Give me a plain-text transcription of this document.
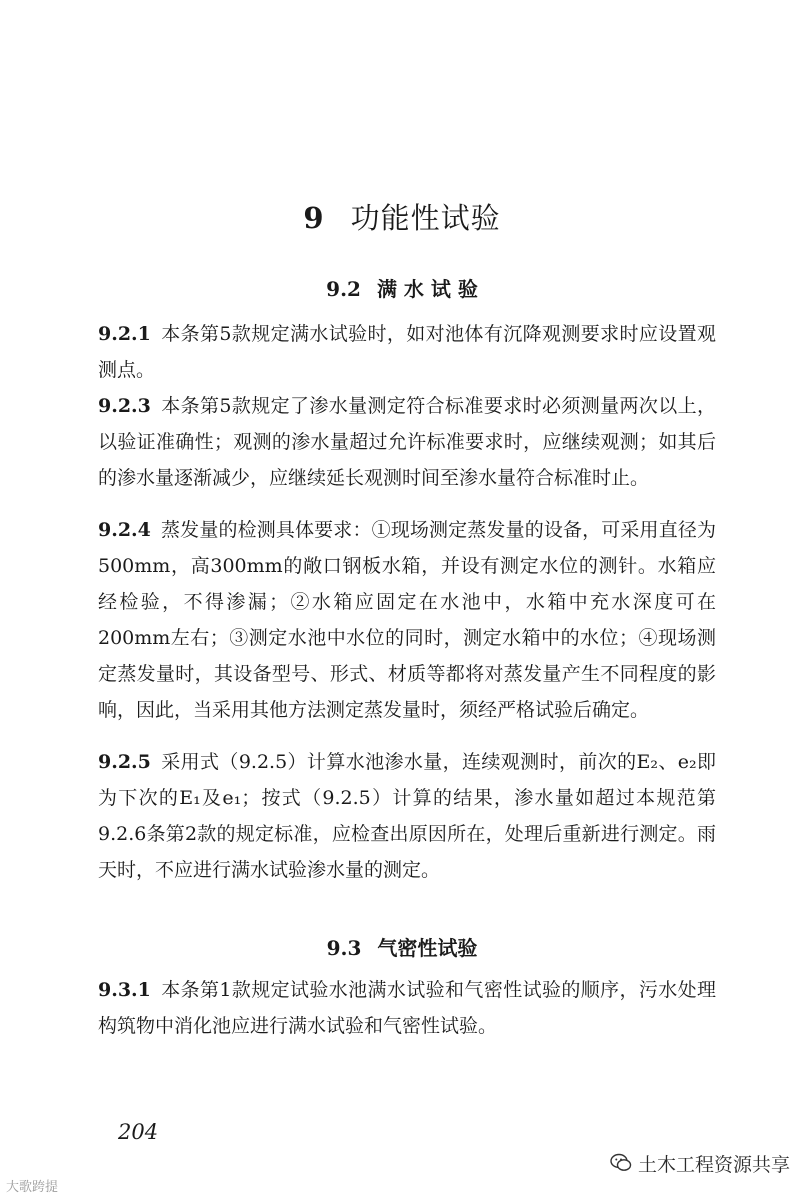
9 功能性试验
9.2 满 水 试 验
9.2.1 本条第5款规定满水试验时，如对池体有沉降观测要求时应设置观测点。
9.2.3 本条第5款规定了渗水量测定符合标准要求时必须测量两次以上，以验证准确性；观测的渗水量超过允许标准要求时，应继续观测；如其后的渗水量逐渐减少，应继续延长观测时间至渗水量符合标准时止。
9.2.4 蒸发量的检测具体要求：①现场测定蒸发量的设备，可采用直径为500mm，高300mm的敞口钢板水箱，并设有测定水位的测针。水箱应经检验，不得渗漏；②水箱应固定在水池中，水箱中充水深度可在200mm左右；③测定水池中水位的同时，测定水箱中的水位；④现场测定蒸发量时，其设备型号、形式、材质等都将对蒸发量产生不同程度的影响，因此，当采用其他方法测定蒸发量时，须经严格试验后确定。
9.2.5 采用式（9.2.5）计算水池渗水量，连续观测时，前次的E₂、e₂即为下次的E₁及e₁；按式（9.2.5）计算的结果，渗水量如超过本规范第9.2.6条第2款的规定标准，应检查出原因所在，处理后重新进行测定。雨天时，不应进行满水试验渗水量的测定。
9.3 气密性试验
9.3.1 本条第1款规定试验水池满水试验和气密性试验的顺序，污水处理构筑物中消化池应进行满水试验和气密性试验。
204
大歌跨提
土木工程资源共享
